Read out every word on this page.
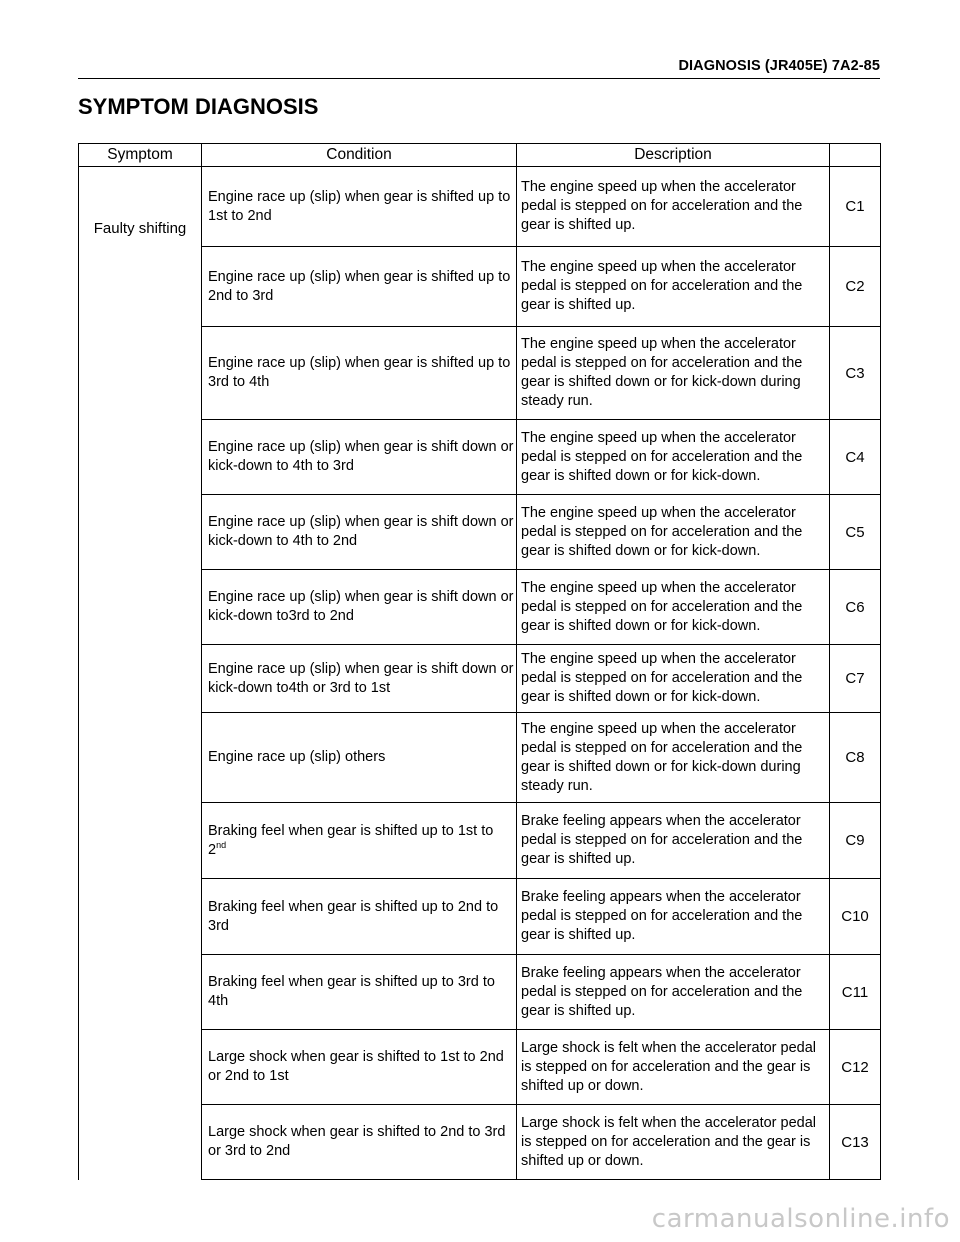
DIAGNOSIS (JR405E) 7A2-85
SYMPTOM DIAGNOSIS
Symptom	Condition	Description	
Faulty shifting	Engine race up (slip) when gear is shifted up to 1st to 2nd	The engine speed up when the accelerator pedal is stepped on for acceleration and the gear is shifted up.	C1
	Engine race up (slip) when gear is shifted up to 2nd to 3rd	The engine speed up when the accelerator pedal is stepped on for acceleration and the gear is shifted up.	C2
	Engine race up (slip) when gear is shifted up to 3rd to 4th	The engine speed up when the accelerator pedal is stepped on for acceleration and the gear is shifted down or for kick-down during steady run.	C3
	Engine race up (slip) when gear is shift down or kick-down to 4th to 3rd	The engine speed up when the accelerator pedal is stepped on for acceleration and the gear is shifted down or for kick-down.	C4
	Engine race up (slip) when gear is shift down or kick-down to 4th to 2nd	The engine speed up when the accelerator pedal is stepped on for acceleration and the gear is shifted down or for kick-down.	C5
	Engine race up (slip) when gear is shift down or kick-down to3rd to 2nd	The engine speed up when the accelerator pedal is stepped on for acceleration and the gear is shifted down or for kick-down.	C6
	Engine race up (slip) when gear is shift down or kick-down to4th or 3rd to 1st	The engine speed up when the accelerator pedal is stepped on for acceleration and the gear is shifted down or for kick-down.	C7
	Engine race up (slip) others	The engine speed up when the accelerator pedal is stepped on for acceleration and the gear is shifted down or for kick-down during steady run.	C8
	Braking feel when gear is shifted up to 1st to 2nd	Brake feeling appears when the accelerator pedal is stepped on for acceleration and the gear is shifted up.	C9
	Braking feel when gear is shifted up to 2nd to 3rd	Brake feeling appears when the accelerator pedal is stepped on for acceleration and the gear is shifted up.	C10
	Braking feel when gear is shifted up to 3rd to 4th	Brake feeling appears when the accelerator pedal is stepped on for acceleration and the gear is shifted up.	C11
	Large shock when gear is shifted to 1st to 2nd or 2nd to 1st	Large shock is felt when the accelerator pedal is stepped on for acceleration and the gear is shifted up or down.	C12
	Large shock when gear is shifted to 2nd to 3rd or 3rd to 2nd	Large shock is felt when the accelerator pedal is stepped on for acceleration and the gear is shifted up or down.	C13
carmanualsonline.info
